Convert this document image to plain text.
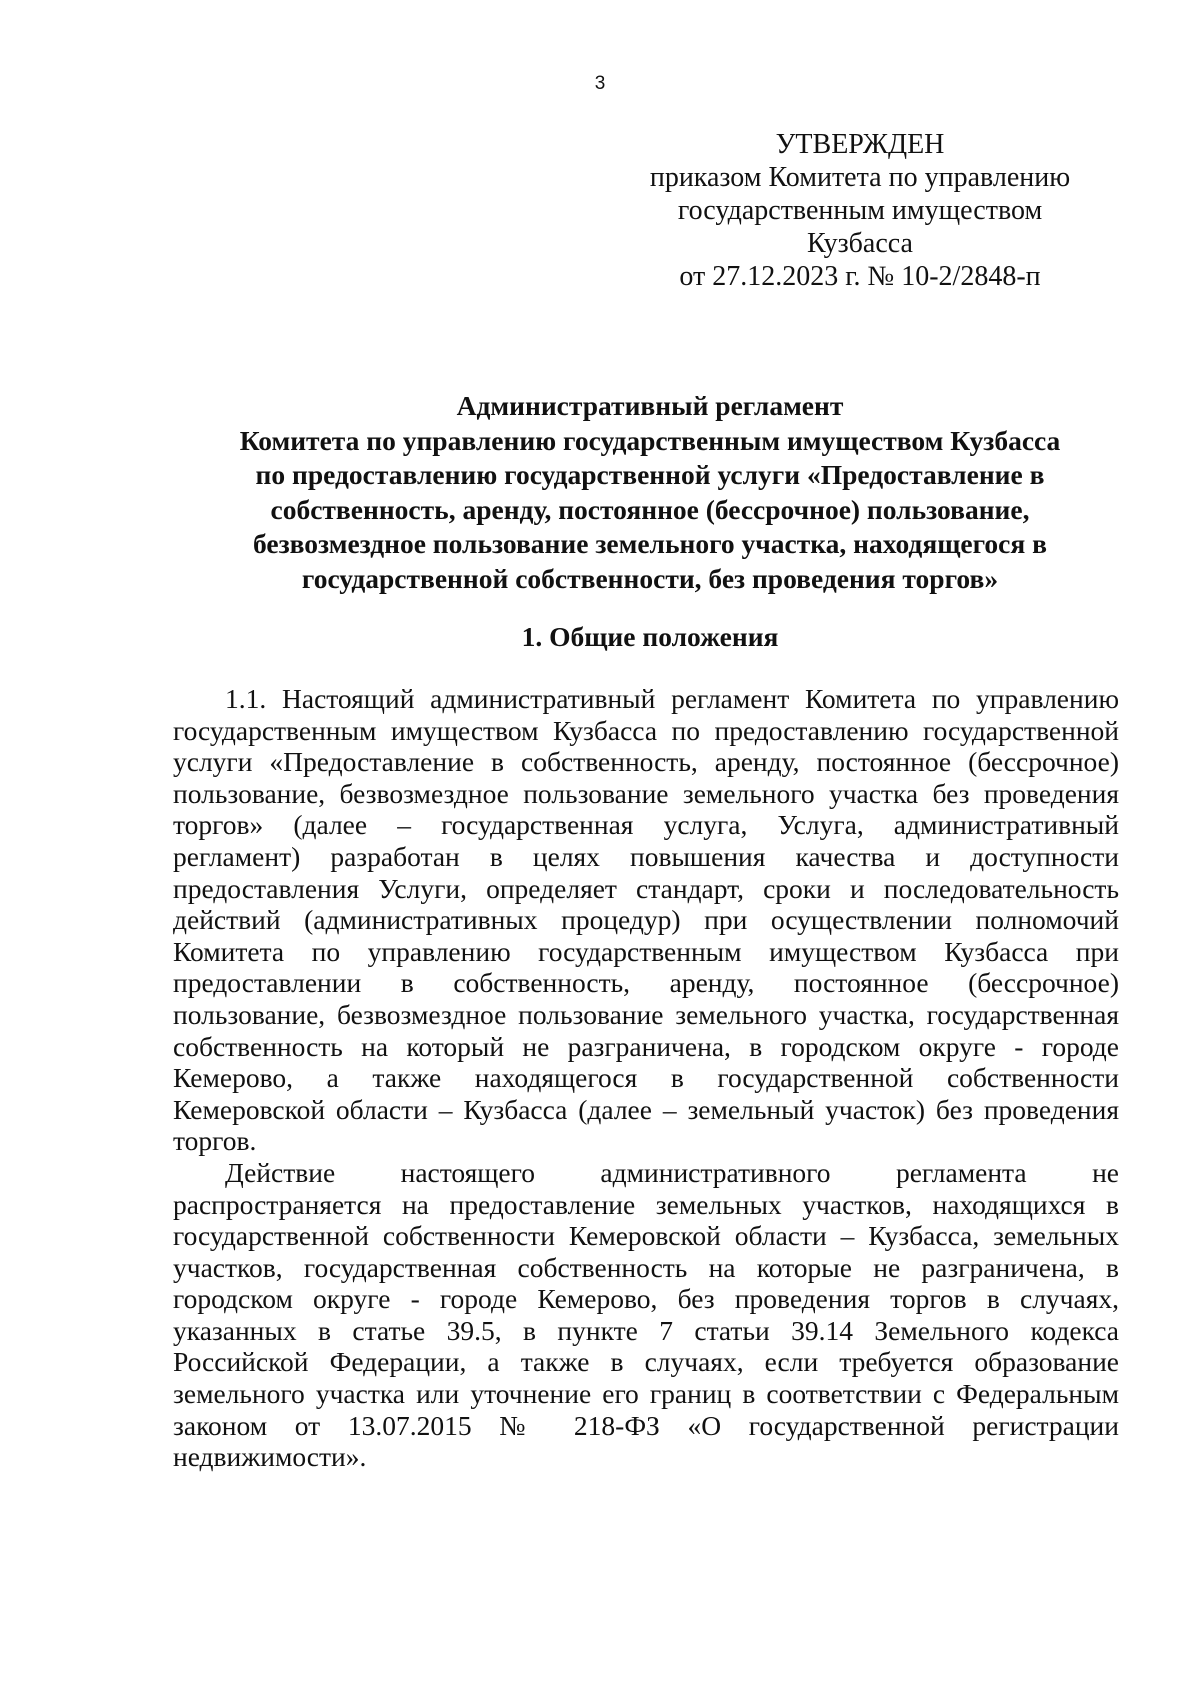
3
УТВЕРЖДЕН
приказом Комитета по управлению
государственным имуществом
Кузбасса
от 27.12.2023 г. № 10-2/2848-п
Административный регламент
Комитета по управлению государственным имуществом Кузбасса
по предоставлению государственной услуги «Предоставление в
собственность, аренду, постоянное (бессрочное) пользование,
безвозмездное пользование земельного участка, находящегося в
государственной собственности, без проведения торгов»
1. Общие положения
1.1. Настоящий административный регламент Комитета по управлению
государственным имуществом Кузбасса по предоставлению государственной
услуги «Предоставление в собственность, аренду, постоянное (бессрочное)
пользование, безвозмездное пользование земельного участка без проведения
торгов» (далее – государственная услуга, Услуга, административный
регламент) разработан в целях повышения качества и доступности
предоставления Услуги, определяет стандарт, сроки и последовательность
действий (административных процедур) при осуществлении полномочий
Комитета по управлению государственным имуществом Кузбасса при
предоставлении в собственность, аренду, постоянное (бессрочное)
пользование, безвозмездное пользование земельного участка, государственная
собственность на который не разграничена, в городском округе - городе
Кемерово, а также находящегося в государственной собственности
Кемеровской области – Кузбасса (далее – земельный участок) без проведения
торгов.
Действие настоящего административного регламента не
распространяется на предоставление земельных участков, находящихся в
государственной собственности Кемеровской области – Кузбасса, земельных
участков, государственная собственность на которые не разграничена, в
городском округе - городе Кемерово, без проведения торгов в случаях,
указанных в статье 39.5, в пункте 7 статьи 39.14 Земельного кодекса
Российской Федерации, а также в случаях, если требуется образование
земельного участка или уточнение его границ в соответствии с Федеральным
законом от 13.07.2015 № 218-ФЗ «О государственной регистрации
недвижимости».
